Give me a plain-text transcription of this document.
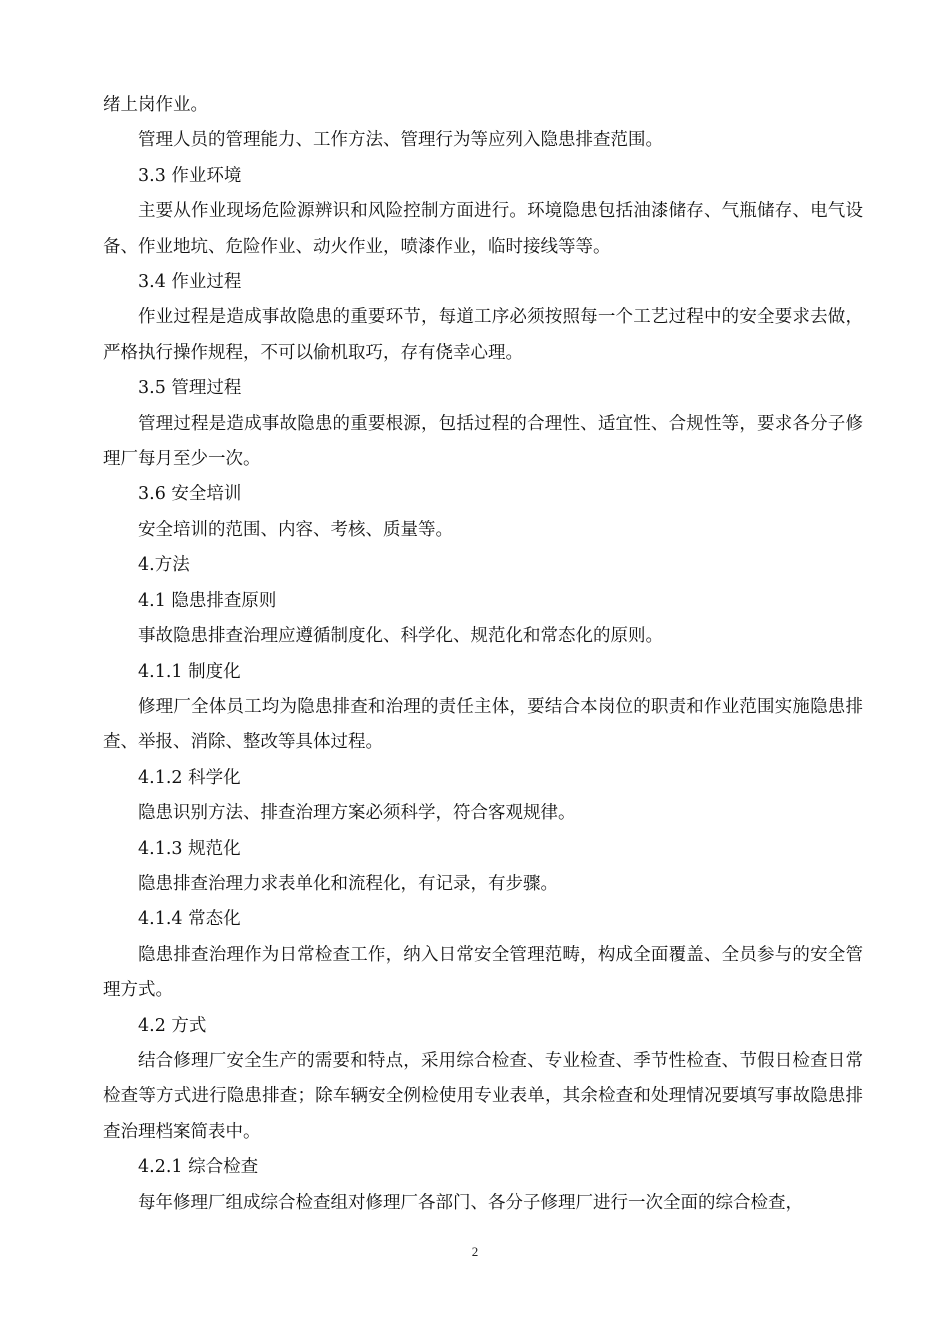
绪上岗作业。

管理人员的管理能力、工作方法、管理行为等应列入隐患排查范围。

3.3 作业环境

主要从作业现场危险源辨识和风险控制方面进行。环境隐患包括油漆储存、气瓶储存、电气设备、作业地坑、危险作业、动火作业，喷漆作业，临时接线等等。

3.4 作业过程

作业过程是造成事故隐患的重要环节，每道工序必须按照每一个工艺过程中的安全要求去做，严格执行操作规程，不可以偷机取巧，存有侥幸心理。

3.5 管理过程

管理过程是造成事故隐患的重要根源，包括过程的合理性、适宜性、合规性等，要求各分子修理厂每月至少一次。

3.6 安全培训

安全培训的范围、内容、考核、质量等。

4.方法

4.1 隐患排查原则

事故隐患排查治理应遵循制度化、科学化、规范化和常态化的原则。

4.1.1 制度化

修理厂全体员工均为隐患排查和治理的责任主体，要结合本岗位的职责和作业范围实施隐患排查、举报、消除、整改等具体过程。

4.1.2 科学化

隐患识别方法、排查治理方案必须科学，符合客观规律。

4.1.3 规范化

隐患排查治理力求表单化和流程化，有记录，有步骤。

4.1.4 常态化

隐患排查治理作为日常检查工作，纳入日常安全管理范畴，构成全面覆盖、全员参与的安全管理方式。

4.2 方式

结合修理厂安全生产的需要和特点，采用综合检查、专业检查、季节性检查、节假日检查日常检查等方式进行隐患排查；除车辆安全例检使用专业表单，其余检查和处理情况要填写事故隐患排查治理档案简表中。

4.2.1 综合检查

每年修理厂组成综合检查组对修理厂各部门、各分子修理厂进行一次全面的综合检查，

2
